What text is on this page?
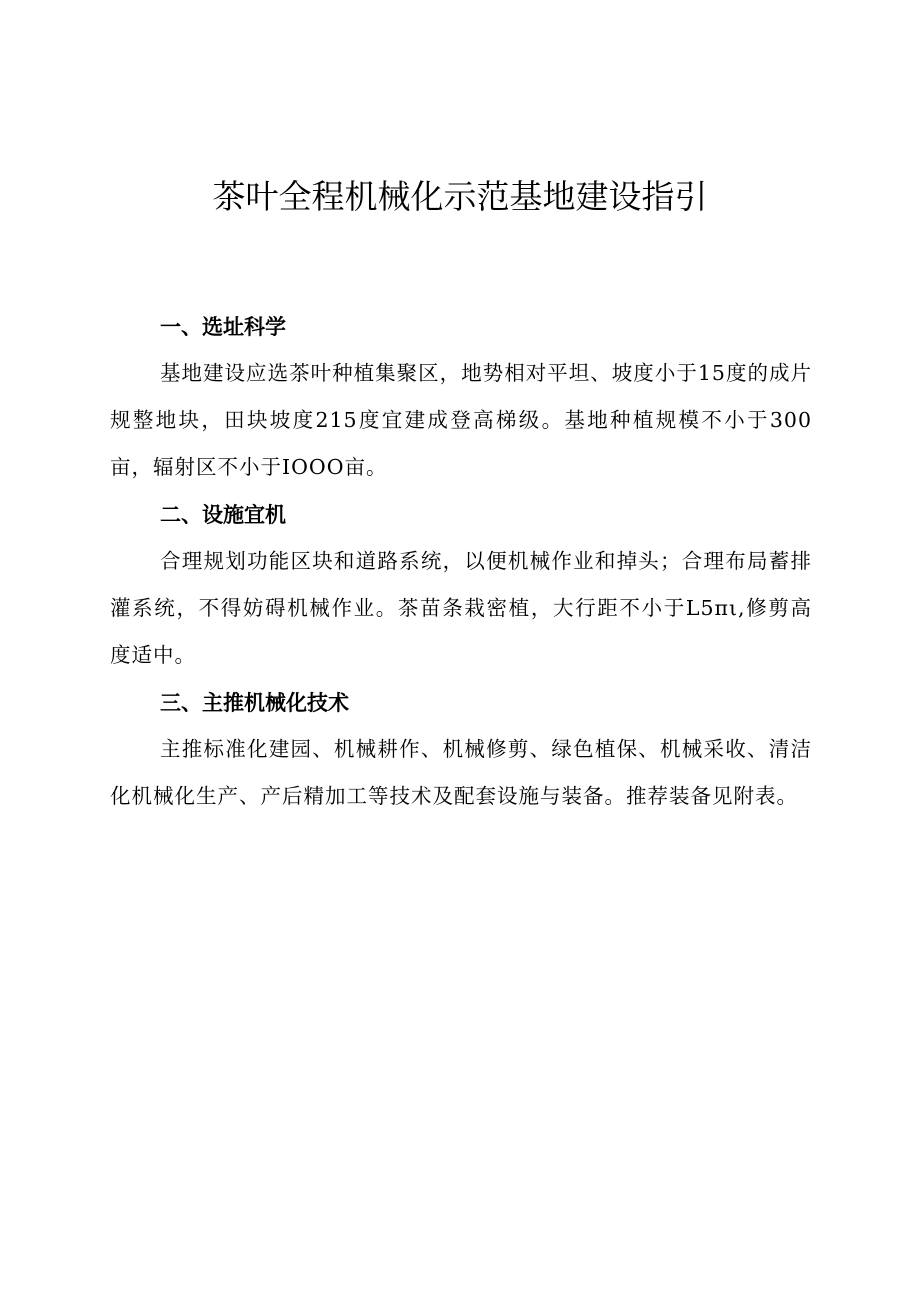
茶叶全程机械化示范基地建设指引
一、选址科学

基地建设应选茶叶种植集聚区，地势相对平坦、坡度小于15度的成片规整地块，田块坡度215度宜建成登高梯级。基地种植规模不小于300亩，辐射区不小于IOOO亩。

二、设施宜机

合理规划功能区块和道路系统，以便机械作业和掉头；合理布局蓄排灌系统，不得妨碍机械作业。茶苗条栽密植，大行距不小于L5πι,修剪高度适中。

三、主推机械化技术

主推标准化建园、机械耕作、机械修剪、绿色植保、机械采收、清洁化机械化生产、产后精加工等技术及配套设施与装备。推荐装备见附表。
